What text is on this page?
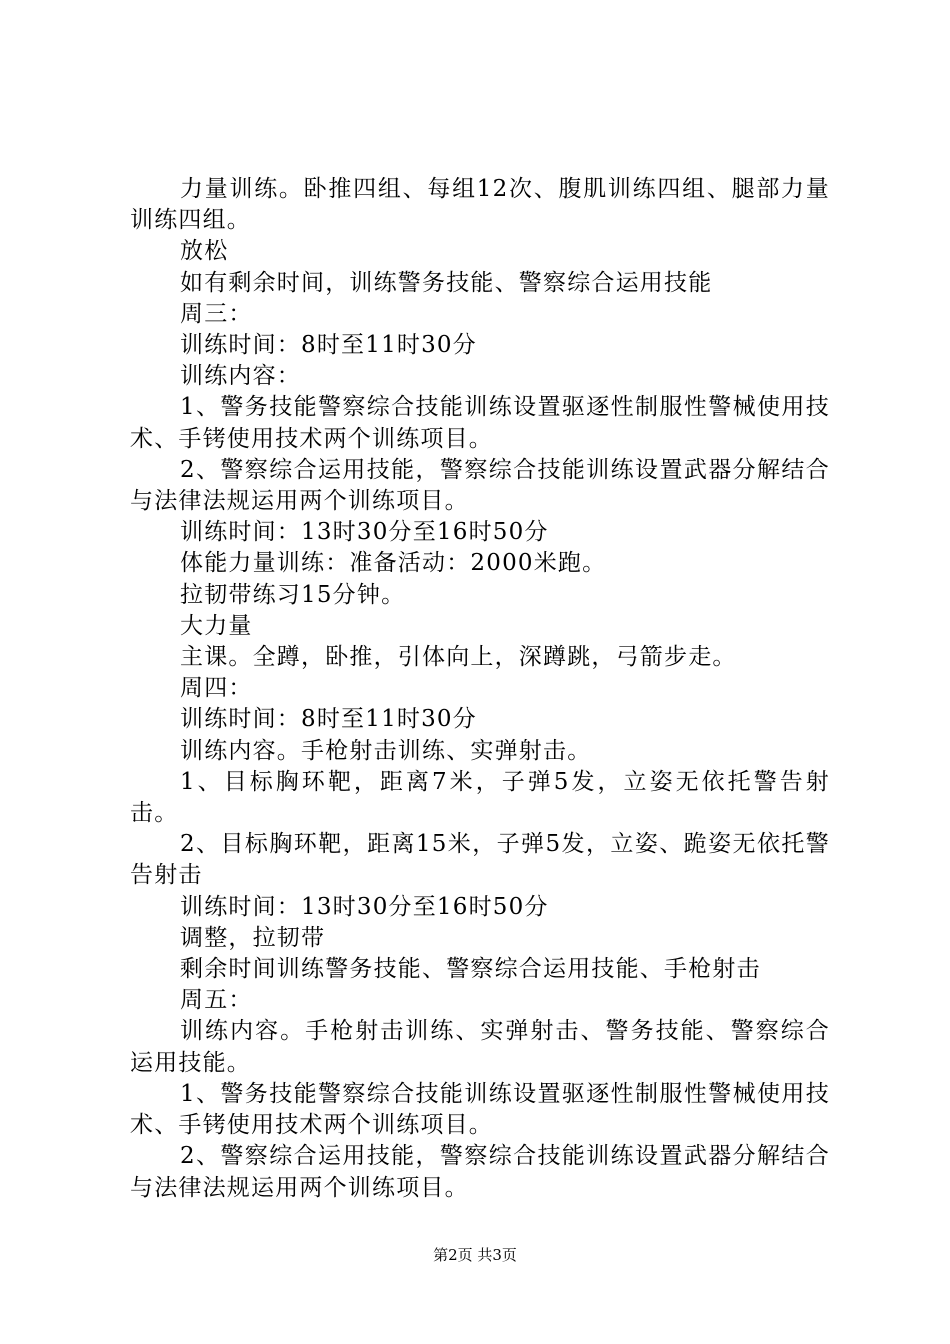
力量训练。卧推四组、每组12次、腹肌训练四组、腿部力量训练四组。

放松

如有剩余时间，训练警务技能、警察综合运用技能

周三：

训练时间：8时至11时30分

训练内容：

1、警务技能警察综合技能训练设置驱逐性制服性警械使用技术、手铐使用技术两个训练项目。

2、警察综合运用技能，警察综合技能训练设置武器分解结合与法律法规运用两个训练项目。

训练时间：13时30分至16时50分

体能力量训练：准备活动：2000米跑。

拉韧带练习15分钟。

大力量

主课。全蹲，卧推，引体向上，深蹲跳，弓箭步走。

周四：

训练时间：8时至11时30分

训练内容。手枪射击训练、实弹射击。

1、目标胸环靶，距离7米，子弹5发，立姿无依托警告射击。

2、目标胸环靶，距离15米，子弹5发，立姿、跪姿无依托警告射击

训练时间：13时30分至16时50分

调整，拉韧带

剩余时间训练警务技能、警察综合运用技能、手枪射击

周五：

训练内容。手枪射击训练、实弹射击、警务技能、警察综合运用技能。

1、警务技能警察综合技能训练设置驱逐性制服性警械使用技术、手铐使用技术两个训练项目。

2、警察综合运用技能，警察综合技能训练设置武器分解结合与法律法规运用两个训练项目。

第2页 共3页
